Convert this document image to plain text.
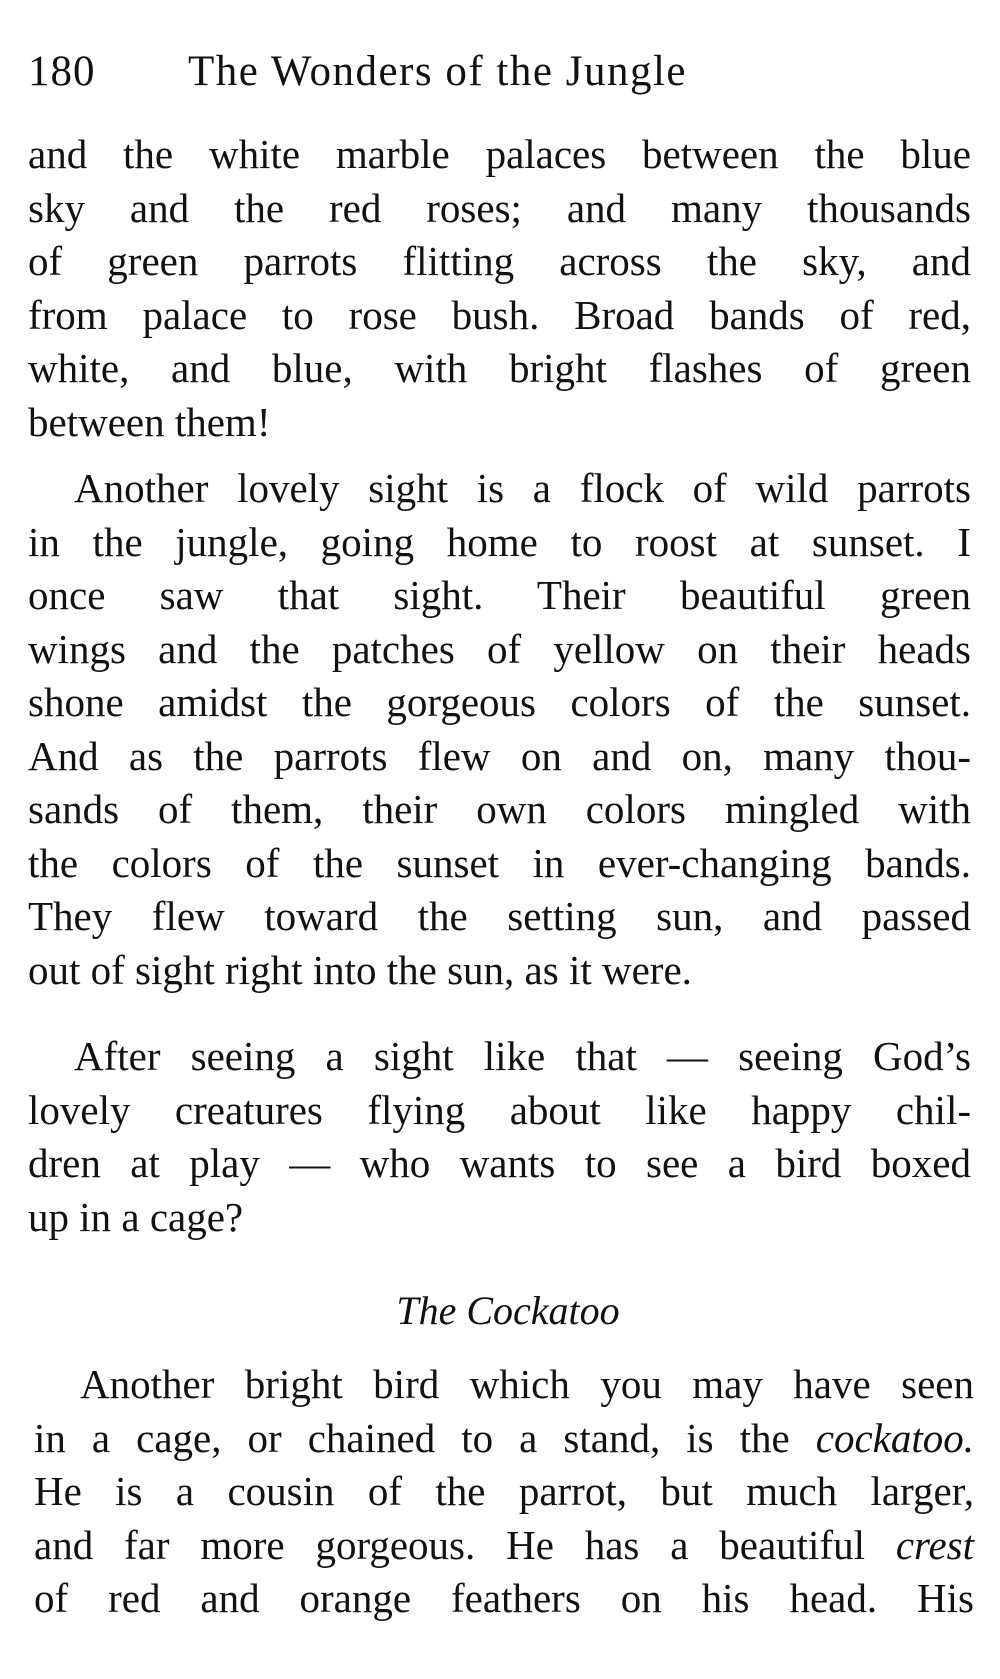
180 The Wonders of the Jungle
and the white marble palaces between the blue
sky and the red roses; and many thousands
of green parrots flitting across the sky, and
from palace to rose bush. Broad bands of red,
white, and blue, with bright flashes of green
between them!
Another lovely sight is a flock of wild parrots
in the jungle, going home to roost at sunset. I
once saw that sight. Their beautiful green
wings and the patches of yellow on their heads
shone amidst the gorgeous colors of the sunset.
And as the parrots flew on and on, many thou-
sands of them, their own colors mingled with
the colors of the sunset in ever-changing bands.
They flew toward the setting sun, and passed
out of sight right into the sun, as it were.
After seeing a sight like that — seeing God’s
lovely creatures flying about like happy chil-
dren at play — who wants to see a bird boxed
up in a cage?
The Cockatoo
Another bright bird which you may have seen
in a cage, or chained to a stand, is the cockatoo.
He is a cousin of the parrot, but much larger,
and far more gorgeous. He has a beautiful crest
of red and orange feathers on his head. His
